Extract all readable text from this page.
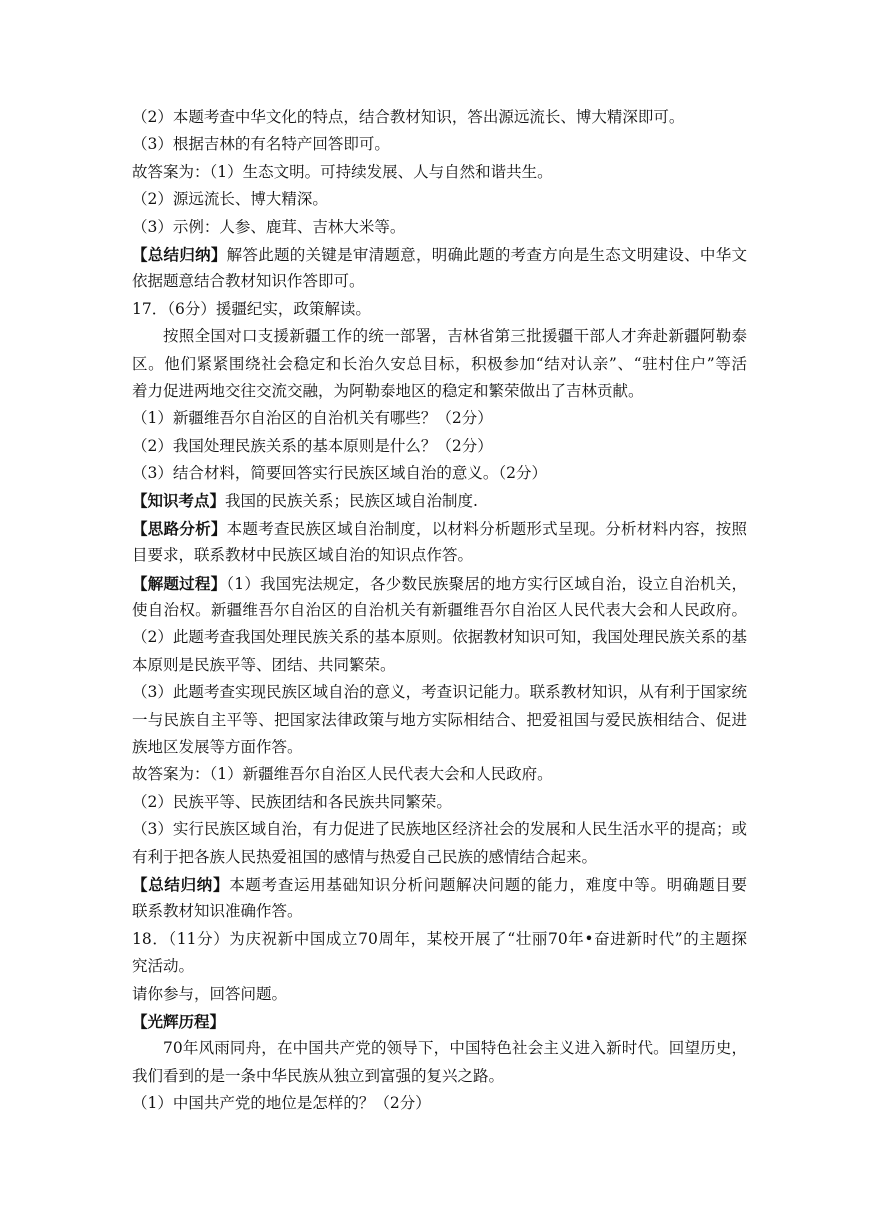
（2）本题考查中华文化的特点，结合教材知识，答出源远流长、博大精深即可。
（3）根据吉林的有名特产回答即可。
故答案为：（1）生态文明。可持续发展、人与自然和谐共生。
（2）源远流长、博大精深。
（3）示例：人参、鹿茸、吉林大米等。
【总结归纳】解答此题的关键是审清题意，明确此题的考查方向是生态文明建设、中华文
依据题意结合教材知识作答即可。
17．（6分）援疆纪实，政策解读。
按照全国对口支援新疆工作的统一部署，吉林省第三批援疆干部人才奔赴新疆阿勒泰
区。他们紧紧围绕社会稳定和长治久安总目标，积极参加“结对认亲”、“驻村住户”等活
着力促进两地交往交流交融，为阿勒泰地区的稳定和繁荣做出了吉林贡献。
（1）新疆维吾尔自治区的自治机关有哪些？（2分）
（2）我国处理民族关系的基本原则是什么？（2分）
（3）结合材料，简要回答实行民族区域自治的意义。（2分）
【知识考点】我国的民族关系；民族区域自治制度.
【思路分析】本题考查民族区域自治制度，以材料分析题形式呈现。分析材料内容，按照
目要求，联系教材中民族区域自治的知识点作答。
【解题过程】（1）我国宪法规定，各少数民族聚居的地方实行区域自治，设立自治机关，
使自治权。新疆维吾尔自治区的自治机关有新疆维吾尔自治区人民代表大会和人民政府。
（2）此题考查我国处理民族关系的基本原则。依据教材知识可知，我国处理民族关系的基
本原则是民族平等、团结、共同繁荣。
（3）此题考查实现民族区域自治的意义，考查识记能力。联系教材知识，从有利于国家统
一与民族自主平等、把国家法律政策与地方实际相结合、把爱祖国与爱民族相结合、促进
族地区发展等方面作答。
故答案为：（1）新疆维吾尔自治区人民代表大会和人民政府。
（2）民族平等、民族团结和各民族共同繁荣。
（3）实行民族区域自治，有力促进了民族地区经济社会的发展和人民生活水平的提高；或
有利于把各族人民热爱祖国的感情与热爱自己民族的感情结合起来。
【总结归纳】本题考查运用基础知识分析问题解决问题的能力，难度中等。明确题目要
联系教材知识准确作答。
18．（11分）为庆祝新中国成立70周年，某校开展了“壮丽70年•奋进新时代”的主题探
究活动。
请你参与，回答问题。
【光辉历程】
70年风雨同舟，在中国共产党的领导下，中国特色社会主义进入新时代。回望历史，
我们看到的是一条中华民族从独立到富强的复兴之路。
（1）中国共产党的地位是怎样的？（2分）
